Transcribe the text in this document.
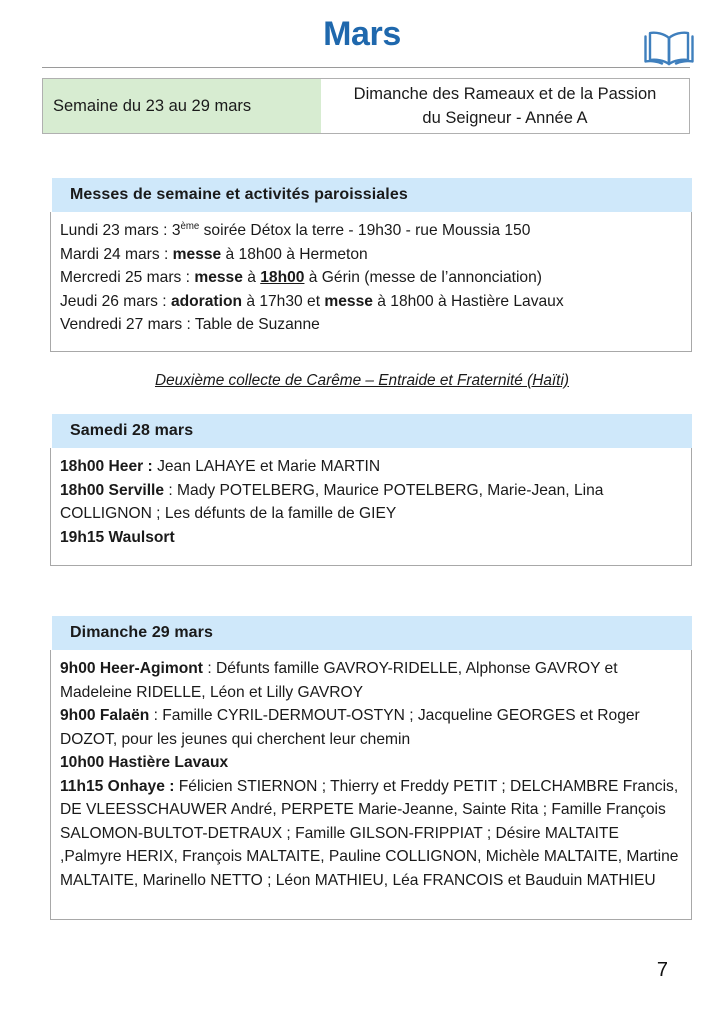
Mars
Semaine du 23 au 29 mars
Dimanche des Rameaux et de la Passion
du Seigneur - Année A
Messes de semaine et activités paroissiales

Lundi 23 mars : 3ème soirée Détox la terre - 19h30 - rue Moussia 150

Mardi 24 mars : messe à 18h00 à Hermeton

Mercredi 25 mars : messe à 18h00 à Gérin (messe de l’annonciation)

Jeudi 26 mars : adoration à 17h30 et messe à 18h00 à Hastière Lavaux

Vendredi 27 mars : Table de Suzanne

Deuxième collecte de Carême – Entraide et Fraternité (Haïti)
Samedi 28 mars

18h00 Heer : Jean LAHAYE et Marie MARTIN

18h00 Serville : Mady POTELBERG, Maurice POTELBERG, Marie-Jean, Lina COLLIGNON ; Les défunts de la famille de GIEY

19h15 Waulsort

Dimanche 29 mars

9h00 Heer-Agimont : Défunts famille GAVROY-RIDELLE, Alphonse GAVROY et Madeleine RIDELLE, Léon et Lilly GAVROY

9h00 Falaën : Famille CYRIL-DERMOUT-OSTYN ; Jacqueline GEORGES et Roger DOZOT, pour les jeunes qui cherchent leur chemin

10h00 Hastière Lavaux

11h15 Onhaye : Félicien STIERNON ; Thierry et Freddy PETIT ; DELCHAMBRE Francis, DE VLEESSCHAUWER André, PERPETE Marie-Jeanne, Sainte Rita ; Famille François SALOMON-BULTOT-DETRAUX ; Famille GILSON-FRIPPIAT ; Désire MALTAITE ,Palmyre HERIX, François MALTAITE, Pauline COLLIGNON, Michèle MALTAITE, Martine MALTAITE, Marinello NETTO ; Léon MATHIEU, Léa FRANCOIS et Bauduin MATHIEU

7
